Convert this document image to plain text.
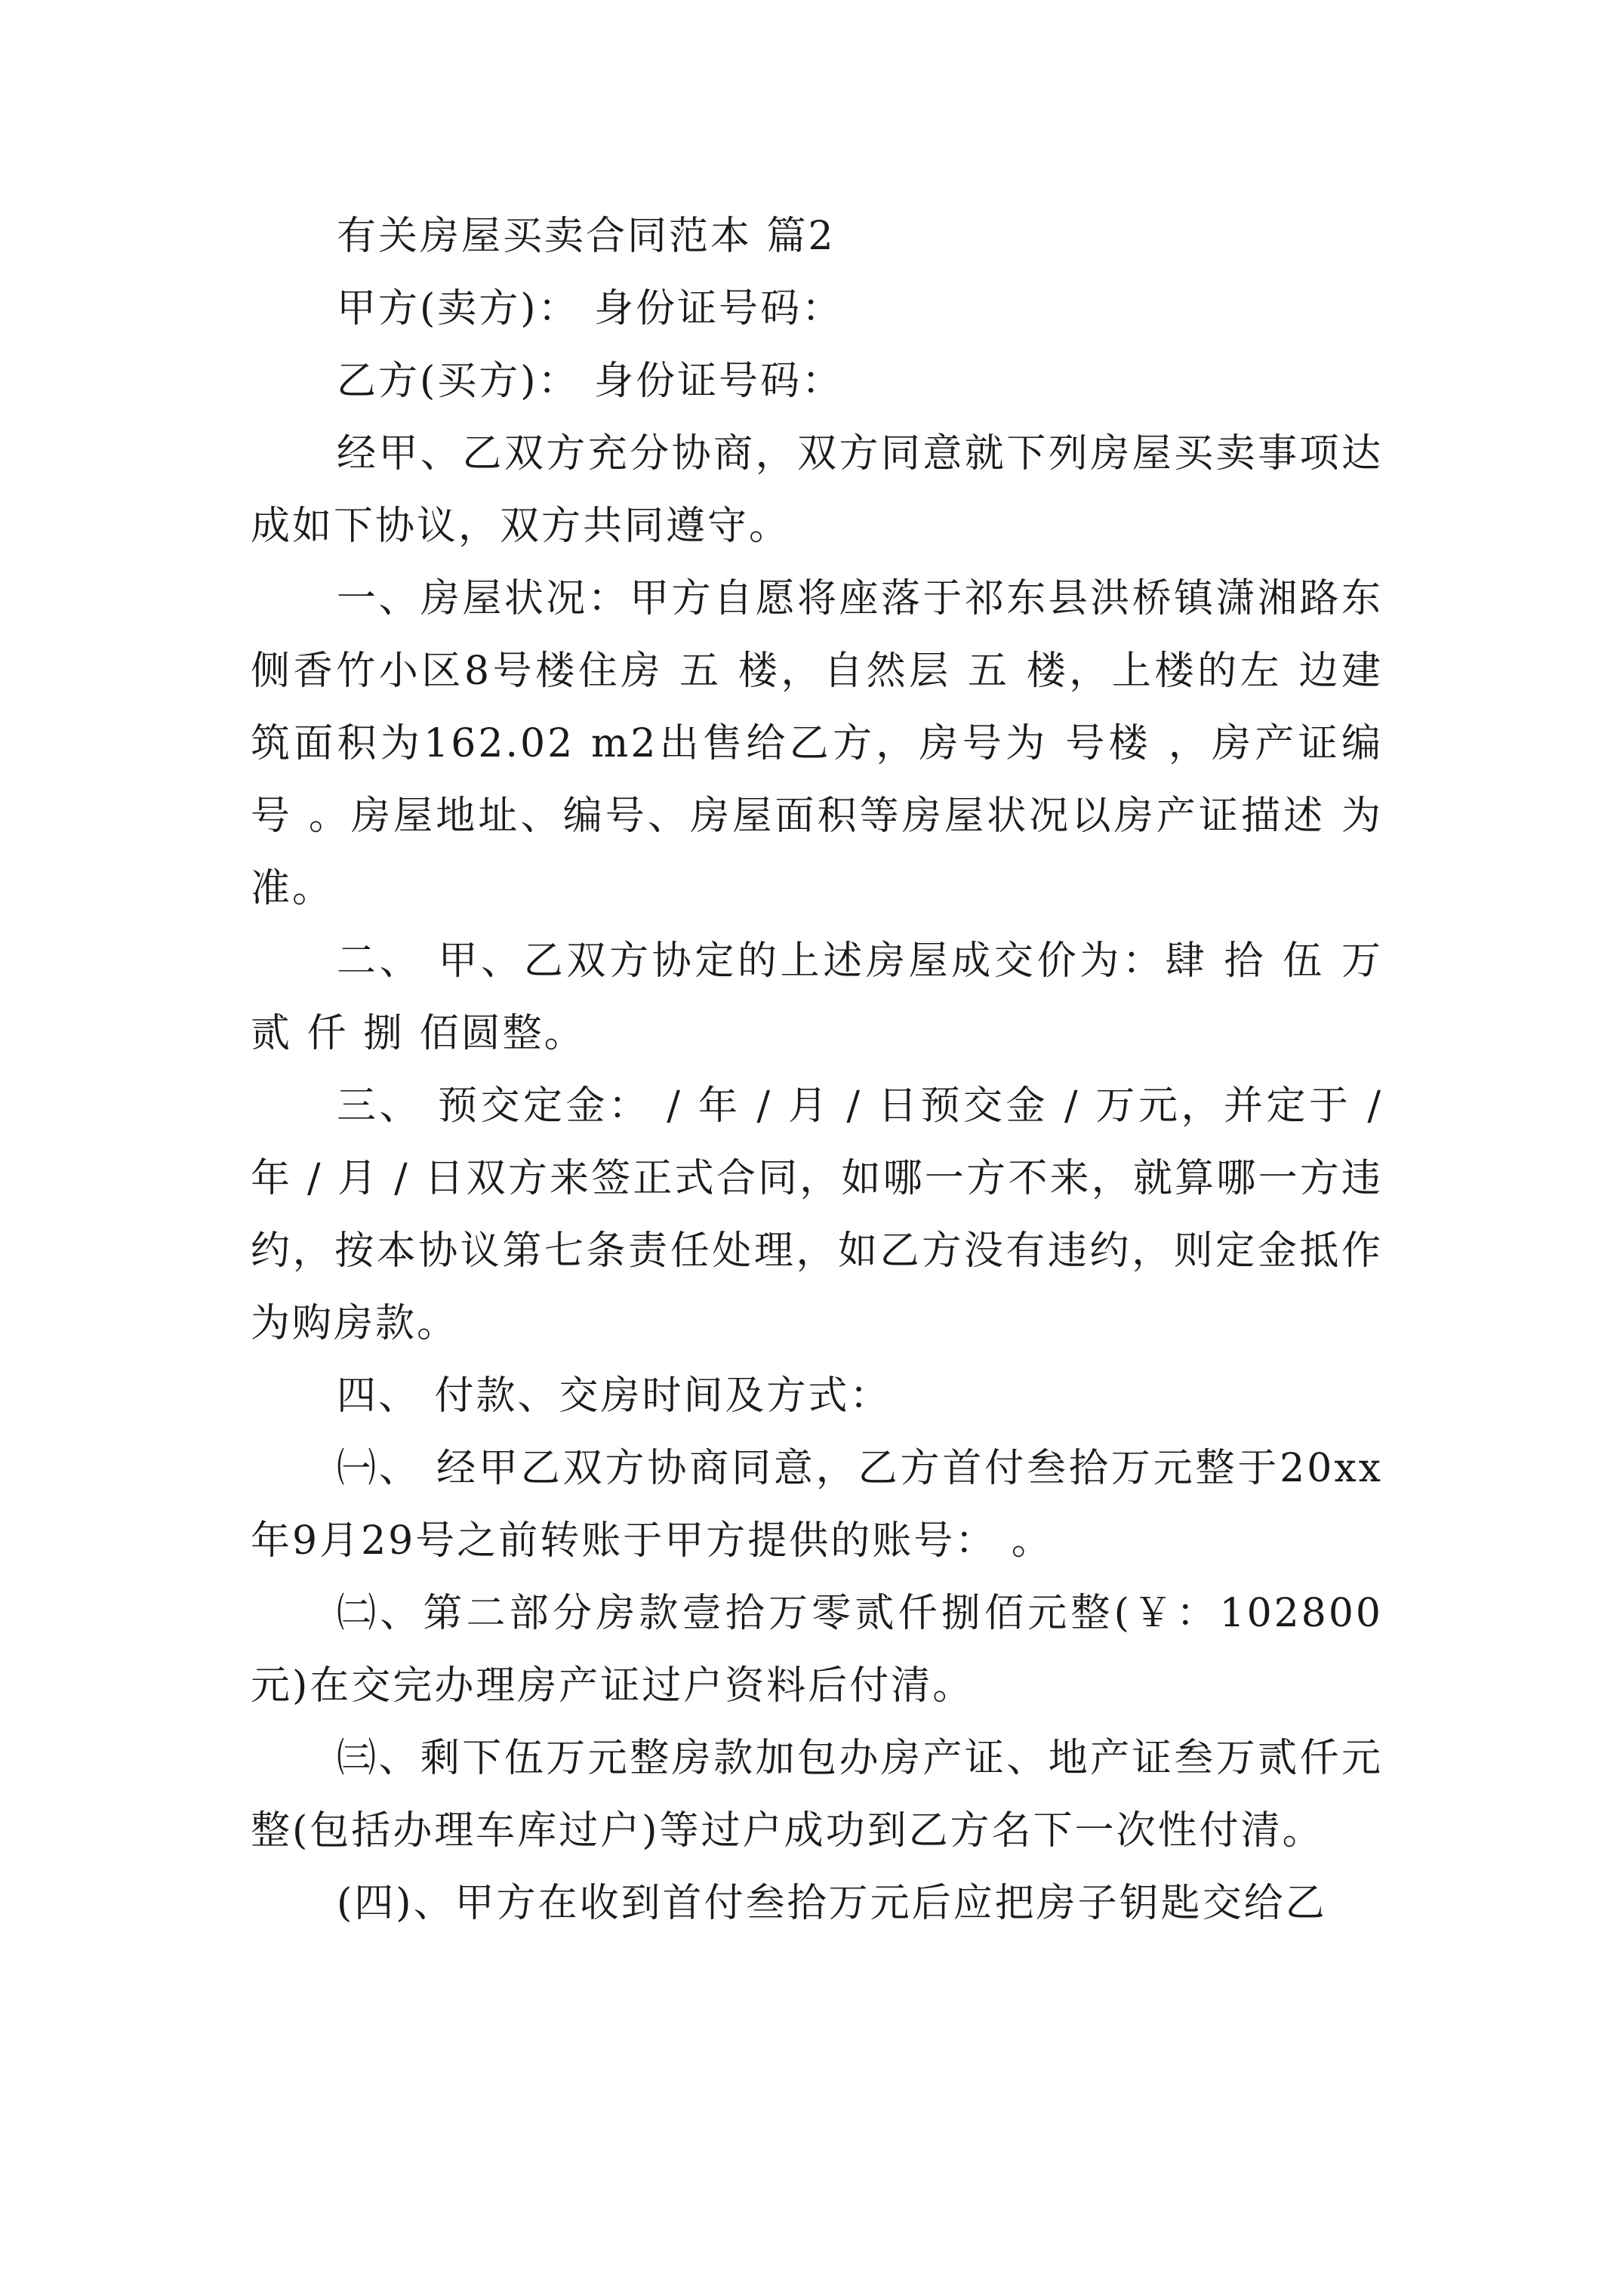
有关房屋买卖合同范本 篇2

甲方(卖方)： 身份证号码：

乙方(买方)： 身份证号码：

经甲、乙双方充分协商，双方同意就下列房屋买卖事项达成如下协议，双方共同遵守。

一、房屋状况：甲方自愿将座落于祁东县洪桥镇潇湘路东侧香竹小区8号楼住房 五 楼，自然层 五 楼，上楼的左 边建筑面积为162.02 m2出售给乙方，房号为 号楼 ，房产证编号 。房屋地址、编号、房屋面积等房屋状况以房产证描述 为准。

二、 甲、乙双方协定的上述房屋成交价为：肆 拾 伍 万 贰 仟 捌 佰圆整。

三、 预交定金： / 年 / 月 / 日预交金 / 万元，并定于 / 年 / 月 / 日双方来签正式合同，如哪一方不来，就算哪一方违约，按本协议第七条责任处理，如乙方没有违约，则定金抵作为购房款。

四、 付款、交房时间及方式：

㈠、 经甲乙双方协商同意，乙方首付叁拾万元整于20xx年9月29号之前转账于甲方提供的账号： 。

㈡、第二部分房款壹拾万零贰仟捌佰元整(￥：102800元)在交完办理房产证过户资料后付清。

㈢、剩下伍万元整房款加包办房产证、地产证叁万贰仟元整(包括办理车库过户)等过户成功到乙方名下一次性付清。

(四)、甲方在收到首付叁拾万元后应把房子钥匙交给乙
